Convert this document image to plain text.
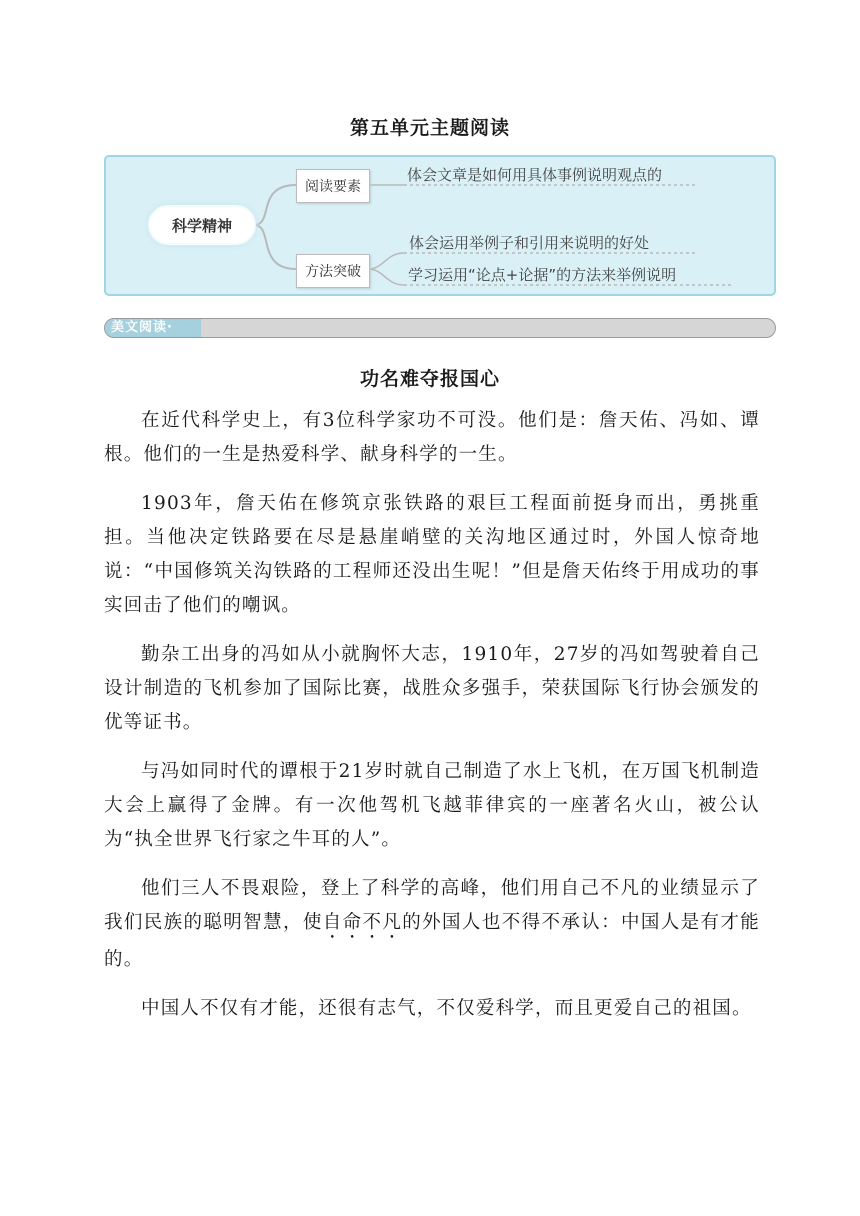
第五单元主题阅读
科学精神
阅读要素
方法突破
体会文章是如何用具体事例说明观点的
体会运用举例子和引用来说明的好处
学习运用“论点+论据”的方法来举例说明
美文阅读·
功名难夺报国心

在近代科学史上，有3位科学家功不可没。他们是：詹天佑、冯如、谭根。他们的一生是热爱科学、献身科学的一生。

1903年，詹天佑在修筑京张铁路的艰巨工程面前挺身而出，勇挑重担。当他决定铁路要在尽是悬崖峭壁的关沟地区通过时，外国人惊奇地说：“中国修筑关沟铁路的工程师还没出生呢！”但是詹天佑终于用成功的事实回击了他们的嘲讽。

勤杂工出身的冯如从小就胸怀大志，1910年，27岁的冯如驾驶着自己设计制造的飞机参加了国际比赛，战胜众多强手，荣获国际飞行协会颁发的优等证书。

与冯如同时代的谭根于21岁时就自己制造了水上飞机，在万国飞机制造大会上赢得了金牌。有一次他驾机飞越菲律宾的一座著名火山，被公认为“执全世界飞行家之牛耳的人”。

他们三人不畏艰险，登上了科学的高峰，他们用自己不凡的业绩显示了我们民族的聪明智慧，使自命不凡的外国人也不得不承认：中国人是有才能的。

中国人不仅有才能，还很有志气，不仅爱科学，而且更爱自己的祖国。
